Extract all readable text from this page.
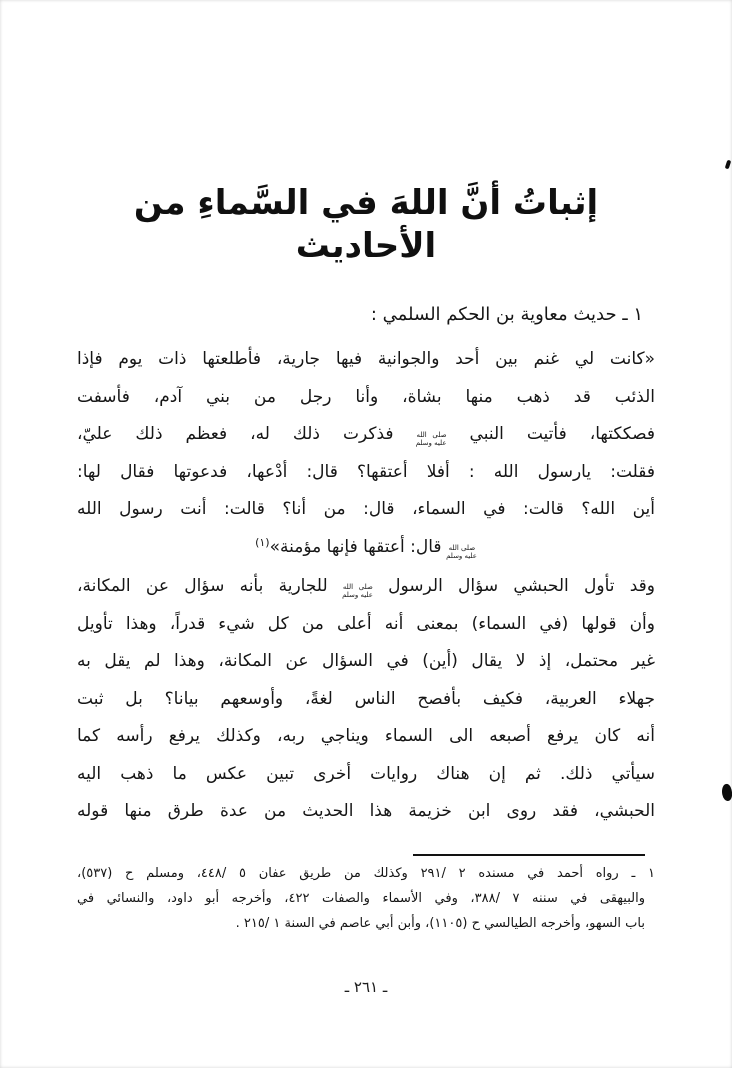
إثباتُ أنَّ اللهَ في السَّماءِ من الأحاديث
١ ـ حديث معاوية بن الحكم السلمي :
«كانت لي غنم بين أحد والجوانية فيها جارية، فأطلعتها ذات يوم فإذا
الذئب قد ذهب منها بشاة، وأنا رجل من بني آدم، فأسفت
فصككتها، فأتيت النبي صلى الله
عليه وسلم فذكرت ذلك له، فعظم ذلك عليّ،
فقلت: يارسول الله : أفلا أعتقها؟ قال: أدْعها، فدعوتها فقال لها:
أين الله؟ قالت: في السماء، قال: من أنا؟ قالت: أنت رسول الله
صلى الله
عليه وسلم قال: أعتقها فإنها مؤمنة»$^{(١)}$
وقد تأول الحبشي سؤال الرسول صلى الله
عليه وسلم للجارية بأنه سؤال عن المكانة،
وأن قولها (في السماء) بمعنى أنه أعلى من كل شيء قدراً، وهذا تأويل
غير محتمل، إذ لا يقال (أين) في السؤال عن المكانة، وهذا لم يقل به
جهلاء العربية، فكيف بأفصح الناس لغةً، وأوسعهم بيانا؟ بل ثبت
أنه كان يرفع أصبعه الى السماء ويناجي ربه، وكذلك يرفع رأسه كما
سيأتي ذلك. ثم إن هناك روايات أخرى تبين عكس ما ذهب اليه
الحبشي، فقد روى ابن خزيمة هذا الحديث من عدة طرق منها قوله
١ ـ رواه أحمد في مسنده ٢ /٢٩١ وكذلك من طريق عفان ٥ /٤٤٨، ومسلم ح (٥٣٧)،
والبيهقى في سننه ٧ /٣٨٨، وفي الأسماء والصفات ٤٢٢، وأخرجه أبو داود، والنسائي في
باب السهو، وأخرجه الطيالسي ح (١١٠٥)، وأبن أبي عاصم في السنة ١ /٢١٥ .
ـ ٢٦١ ـ
